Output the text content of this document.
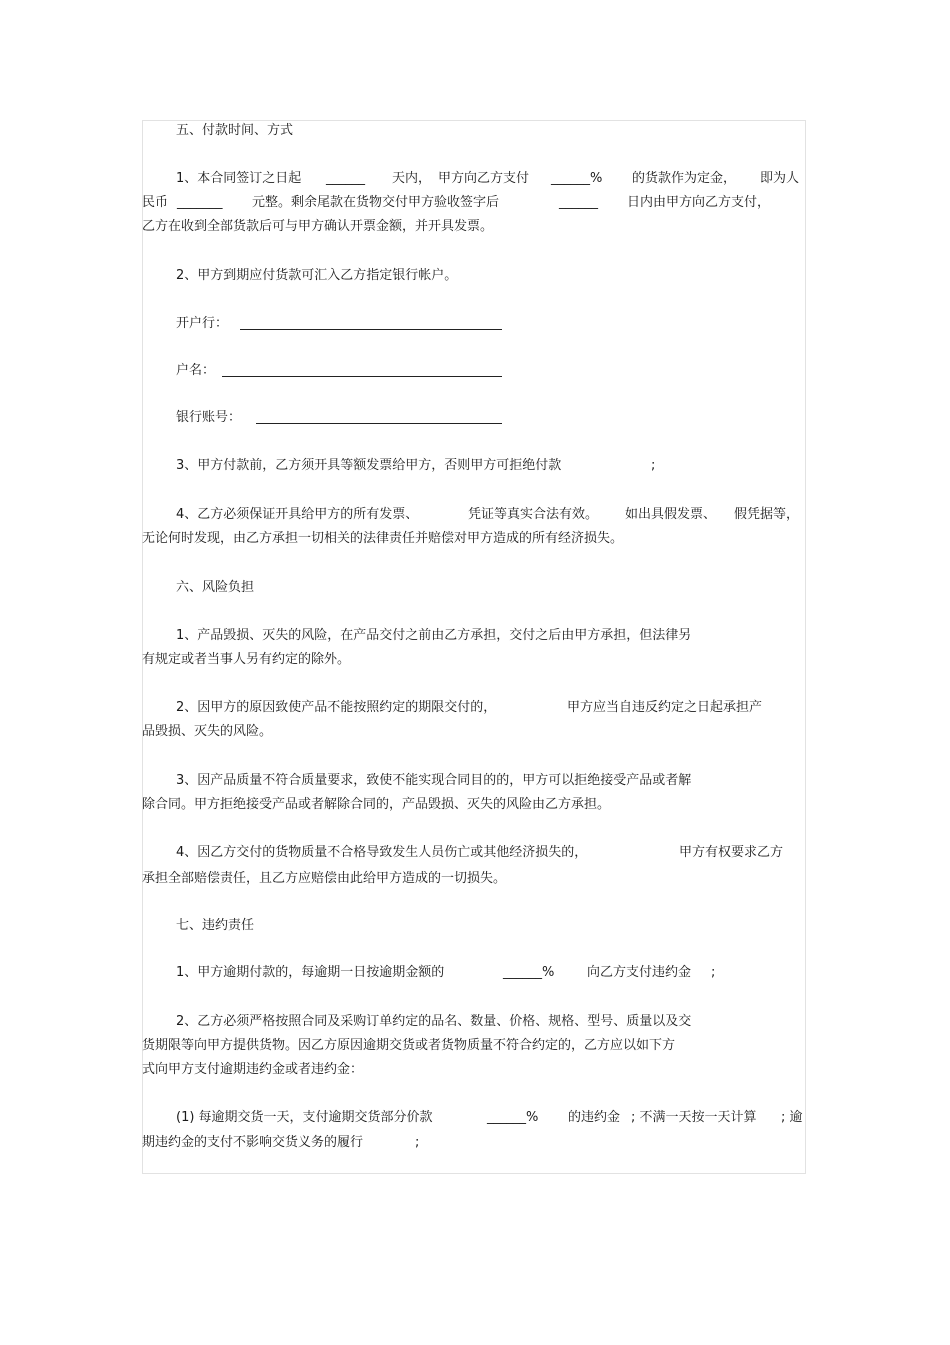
五、付款时间、方式
1、本合同签订之日起 ______ 天内， 甲方向乙方支付 ______% 的货款作为定金， 即为人
民币 _______ 元整。剩余尾款在货物交付甲方验收签字后	______ 日内由甲方向乙方支付，
乙方在收到全部货款后可与甲方确认开票金额，并开具发票。
2、甲方到期应付货款可汇入乙方指定银行帐户。
开户行：
户名：
银行账号：
3、甲方付款前，乙方须开具等额发票给甲方，否则甲方可拒绝付款	;
4、乙方必须保证开具给甲方的所有发票、	凭证等真实合法有效。 如出具假发票、 假凭据等，
无论何时发现，由乙方承担一切相关的法律责任并赔偿对甲方造成的所有经济损失。
六、风险负担
1、产品毁损、灭失的风险，在产品交付之前由乙方承担，交付之后由甲方承担，但法律另
有规定或者当事人另有约定的除外。
2、因甲方的原因致使产品不能按照约定的期限交付的，	甲方应当自违反约定之日起承担产
品毁损、灭失的风险。
3、因产品质量不符合质量要求，致使不能实现合同目的的，甲方可以拒绝接受产品或者解
除合同。甲方拒绝接受产品或者解除合同的，产品毁损、灭失的风险由乙方承担。
4、因乙方交付的货物质量不合格导致发生人员伤亡或其他经济损失的，	甲方有权要求乙方
承担全部赔偿责任，且乙方应赔偿由此给甲方造成的一切损失。
七、违约责任
1、甲方逾期付款的，每逾期一日按逾期金额的	______%	向乙方支付违约金 ;
2、乙方必须严格按照合同及采购订单约定的品名、数量、价格、规格、型号、质量以及交
货期限等向甲方提供货物。因乙方原因逾期交货或者货物质量不符合约定的，乙方应以如下方
式向甲方支付逾期违约金或者违约金：
(1) 每逾期交货一天，支付逾期交货部分价款	______% 的违约金 ; 不满一天按一天计算 ; 逾
期违约金的支付不影响交货义务的履行	;
